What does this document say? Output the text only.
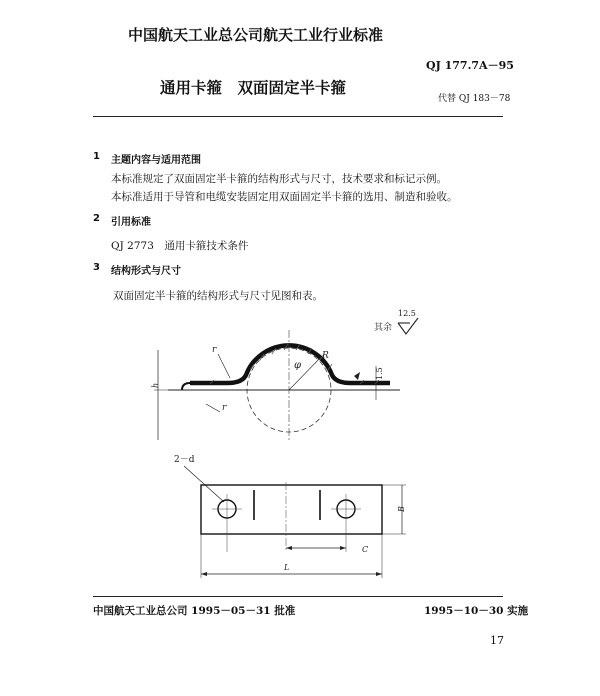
中国航天工业总公司航天工业行业标准
QJ 177.7A－95
通用卡箍　双面固定半卡箍
代替 QJ 183－78
1 主题内容与适用范围
本标准规定了双面固定半卡箍的结构形式与尺寸，技术要求和标记示例。
本标准适用于导管和电缆安装固定用双面固定半卡箍的选用、制造和验收。
2 引用标准
QJ 2773　通用卡箍技术条件
3 结构形式与尺寸
双面固定半卡箍的结构形式与尺寸见图和表。
12.5
其余
h
r
r
φ
R
1.5
2－d
B
C
L
中国航天工业总公司 1995－05－31 批准	1995－10－30 实施
17
